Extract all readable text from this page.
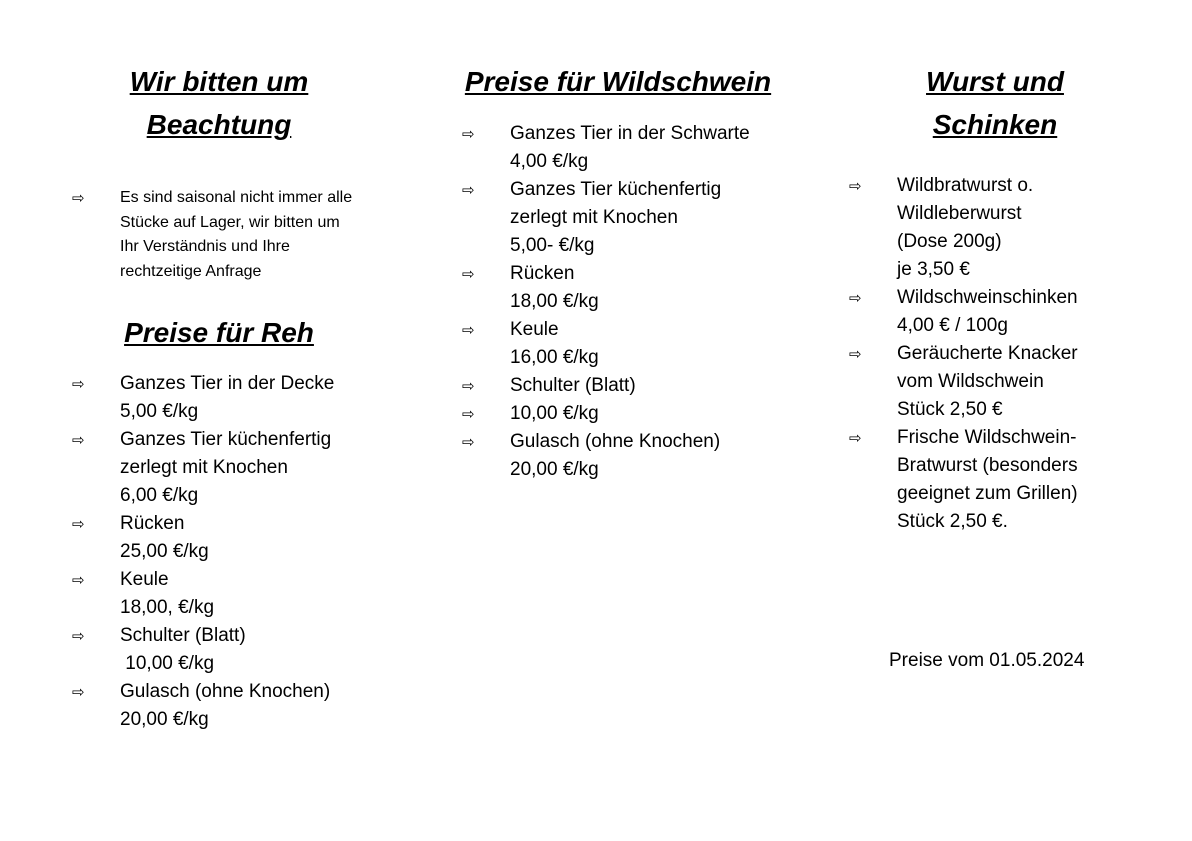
Wir bitten um
Beachtung
⇨	Es sind saisonal nicht immer alle
Stücke auf Lager, wir bitten um
Ihr Verständnis und Ihre
rechtzeitige Anfrage
Preise für Reh
⇨	Ganzes Tier in der Decke
5,00 €/kg
⇨	Ganzes Tier küchenfertig
zerlegt mit Knochen
6,00 €/kg
⇨	Rücken
25,00 €/kg
⇨	Keule
18,00, €/kg
⇨	Schulter (Blatt)
10,00 €/kg
⇨	Gulasch (ohne Knochen)
20,00 €/kg
Preise für Wildschwein
⇨	Ganzes Tier in der Schwarte
4,00 €/kg
⇨	Ganzes Tier küchenfertig
zerlegt mit Knochen
5,00- €/kg
⇨	Rücken
18,00 €/kg
⇨	Keule
16,00 €/kg
⇨	Schulter (Blatt)
⇨	10,00 €/kg
⇨	Gulasch (ohne Knochen)
20,00 €/kg
Wurst und
Schinken
⇨	Wildbratwurst o.
Wildleberwurst
(Dose 200g)
je 3,50 €
⇨	Wildschweinschinken
4,00 € / 100g
⇨	Geräucherte Knacker
vom Wildschwein
Stück 2,50 €
⇨	Frische Wildschwein-
Bratwurst (besonders
geeignet zum Grillen)
Stück 2,50 €.
Preise vom 01.05.2024
